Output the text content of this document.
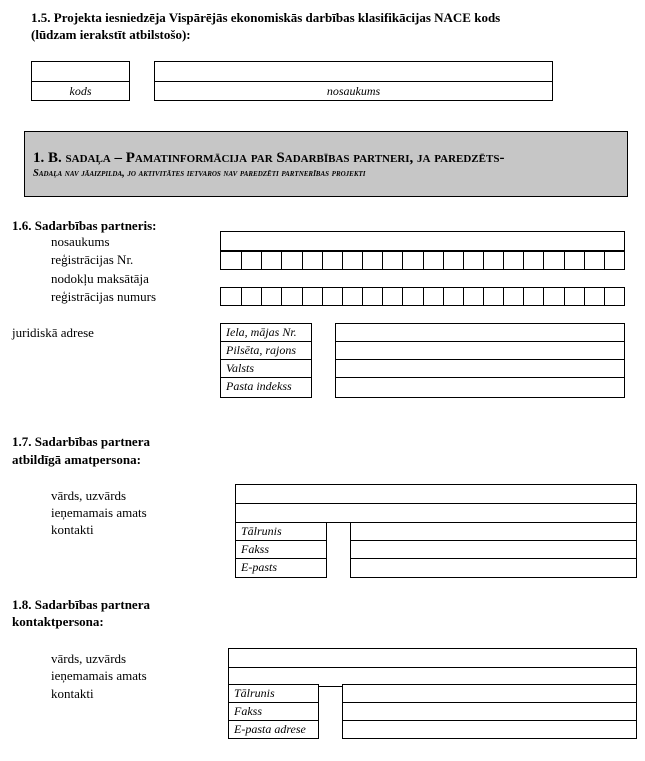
1.5. Projekta iesniedzēja Vispārējās ekonomiskās darbības klasifikācijas NACE kods
(lūdzam ierakstīt atbilstošo):
kods	nosaukums
1. B. sadaļa – Pamatinformācija par Sadarbības partneri, ja paredzēts-
Sadaļa nav jāaizpilda, jo aktivitātes ietvaros nav paredzēti partnerības projekti
1.6. Sadarbības partneris:
nosaukums
reģistrācijas Nr.
nodokļu maksātāja
reģistrācijas numurs
juridiskā adrese	Iela, mājas Nr.
Pilsēta, rajons
Valsts
Pasta indekss
1.7. Sadarbības partnera
atbildīgā amatpersona:
vārds, uzvārds
ieņemamais amats
kontakti	Tālrunis
Fakss
E-pasts
1.8. Sadarbības partnera
kontaktpersona:
vārds, uzvārds
ieņemamais amats
kontakti	Tālrunis
Fakss
E-pasta adrese
